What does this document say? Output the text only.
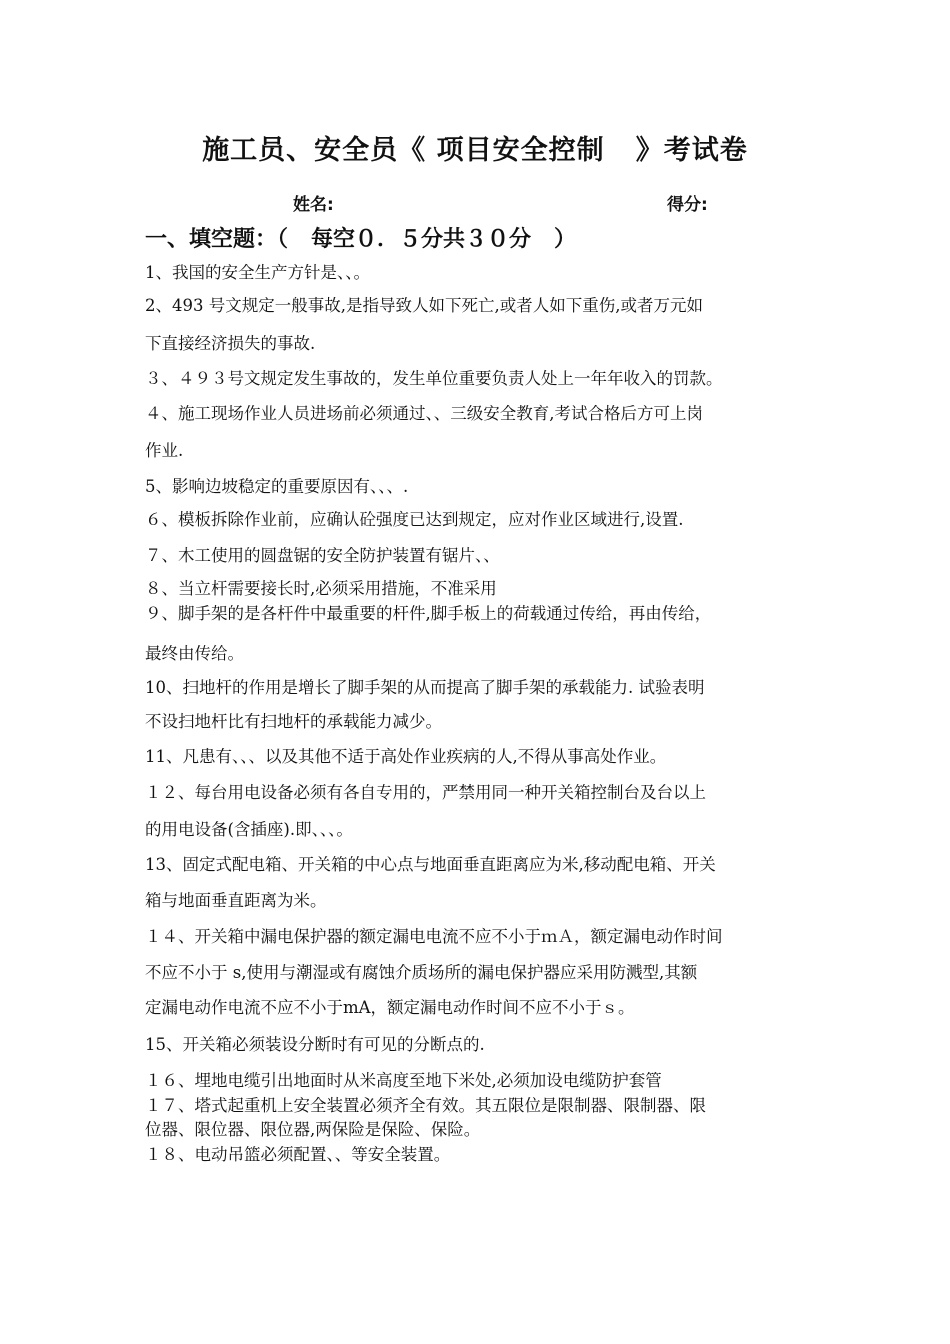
施工员、安全员《 项目安全控制   》考试卷
姓名:	得分:
一、填空题：（   每空０．５分共３０分   ）
1、我国的安全生产方针是、、。
2、493 号文规定一般事故,是指导致人如下死亡,或者人如下重伤,或者万元如
下直接经济损失的事故.
３、４９３号文规定发生事故的，发生单位重要负责人处上一年年收入的罚款。
４、施工现场作业人员进场前必须通过、、三级安全教育,考试合格后方可上岗
作业.
5、影响边坡稳定的重要原因有、、、.
６、模板拆除作业前，应确认砼强度已达到规定，应对作业区域进行,设置.
７、木工使用的圆盘锯的安全防护装置有锯片、、
８、当立杆需要接长时,必须采用措施，不准采用
９、脚手架的是各杆件中最重要的杆件,脚手板上的荷载通过传给，再由传给，
最终由传给。
10、扫地杆的作用是增长了脚手架的从而提高了脚手架的承载能力. 试验表明
不设扫地杆比有扫地杆的承载能力减少。
11、凡患有、、、以及其他不适于高处作业疾病的人,不得从事高处作业。
１２、每台用电设备必须有各自专用的，严禁用同一种开关箱控制台及台以上
的用电设备(含插座).即、、、。
13、固定式配电箱、开关箱的中心点与地面垂直距离应为米,移动配电箱、开关
箱与地面垂直距离为米。
１４、开关箱中漏电保护器的额定漏电电流不应不小于ｍＡ，额定漏电动作时间
不应不小于 s,使用与潮湿或有腐蚀介质场所的漏电保护器应采用防溅型,其额
定漏电动作电流不应不小于mA，额定漏电动作时间不应不小于ｓ。
15、开关箱必须装设分断时有可见的分断点的.
１６、埋地电缆引出地面时从米高度至地下米处,必须加设电缆防护套管
１７、塔式起重机上安全装置必须齐全有效。其五限位是限制器、限制器、限
位器、限位器、限位器,两保险是保险、保险。
１８、电动吊篮必须配置、、等安全装置。
